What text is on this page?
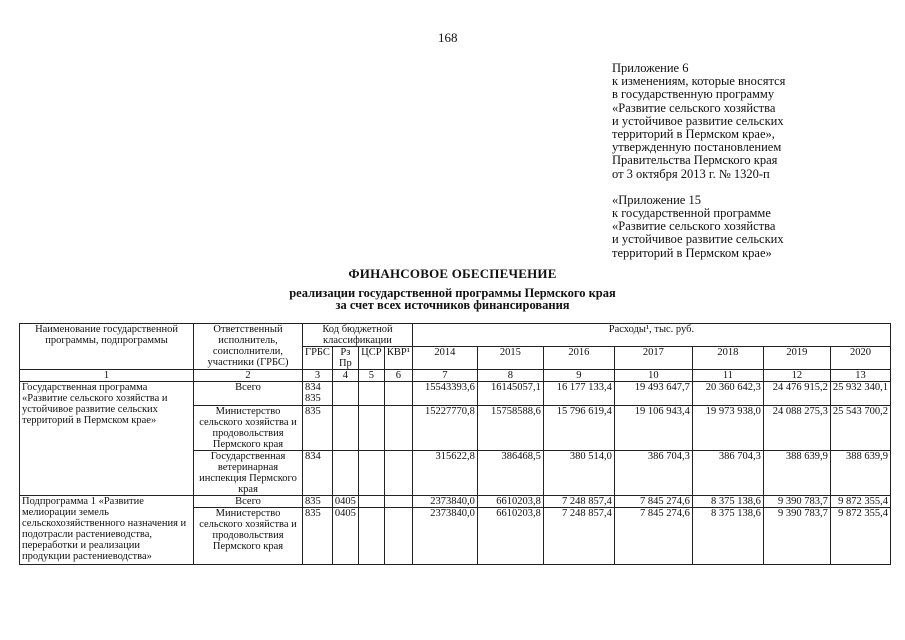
168
Приложение 6
к изменениям, которые вносятся
в государственную программу
«Развитие сельского хозяйства
и устойчивое развитие сельских
территорий в Пермском крае»,
утвержденную постановлением
Правительства Пермского края
от 3 октября 2013 г. № 1320-п
«Приложение 15
к государственной программе
«Развитие сельского хозяйства
и устойчивое развитие сельских
территорий в Пермском крае»
ФИНАНСОВОЕ ОБЕСПЕЧЕНИЕ
реализации государственной программы Пермского края
за счет всех источников финансирования
Наименование государственной программы, подпрограммы	Ответственный исполнитель, соисполнители, участники (ГРБС)	Код бюджетной классификации				Расходы¹, тыс. руб.						
		ГРБС	Рз Пр	ЦСР	КВР¹	2014	2015	2016	2017	2018	2019	2020
1	2	3	4	5	6	7	8	9	10	11	12	13
Государственная программа «Развитие сельского хозяйства и устойчивое развитие сельских территорий в Пермском крае»	Всего	834 835				15543393,6	16145057,1	16 177 133,4	19 493 647,7	20 360 642,3	24 476 915,2	25 932 340,1
	Министерство сельского хозяйства и продовольствия Пермского края	835				15227770,8	15758588,6	15 796 619,4	19 106 943,4	19 973 938,0	24 088 275,3	25 543 700,2
	Государственная ветеринарная инспекция Пермского края	834				315622,8	386468,5	380 514,0	386 704,3	386 704,3	388 639,9	388 639,9
Подпрограмма 1 «Развитие мелиорации земель сельскохозяйственного назначения и подотрасли растениеводства, переработки и реализации продукции растениеводства»	Всего	835	0405			2373840,0	6610203,8	7 248 857,4	7 845 274,6	8 375 138,6	9 390 783,7	9 872 355,4
	Министерство сельского хозяйства и продовольствия Пермского края	835	0405			2373840,0	6610203,8	7 248 857,4	7 845 274,6	8 375 138,6	9 390 783,7	9 872 355,4
